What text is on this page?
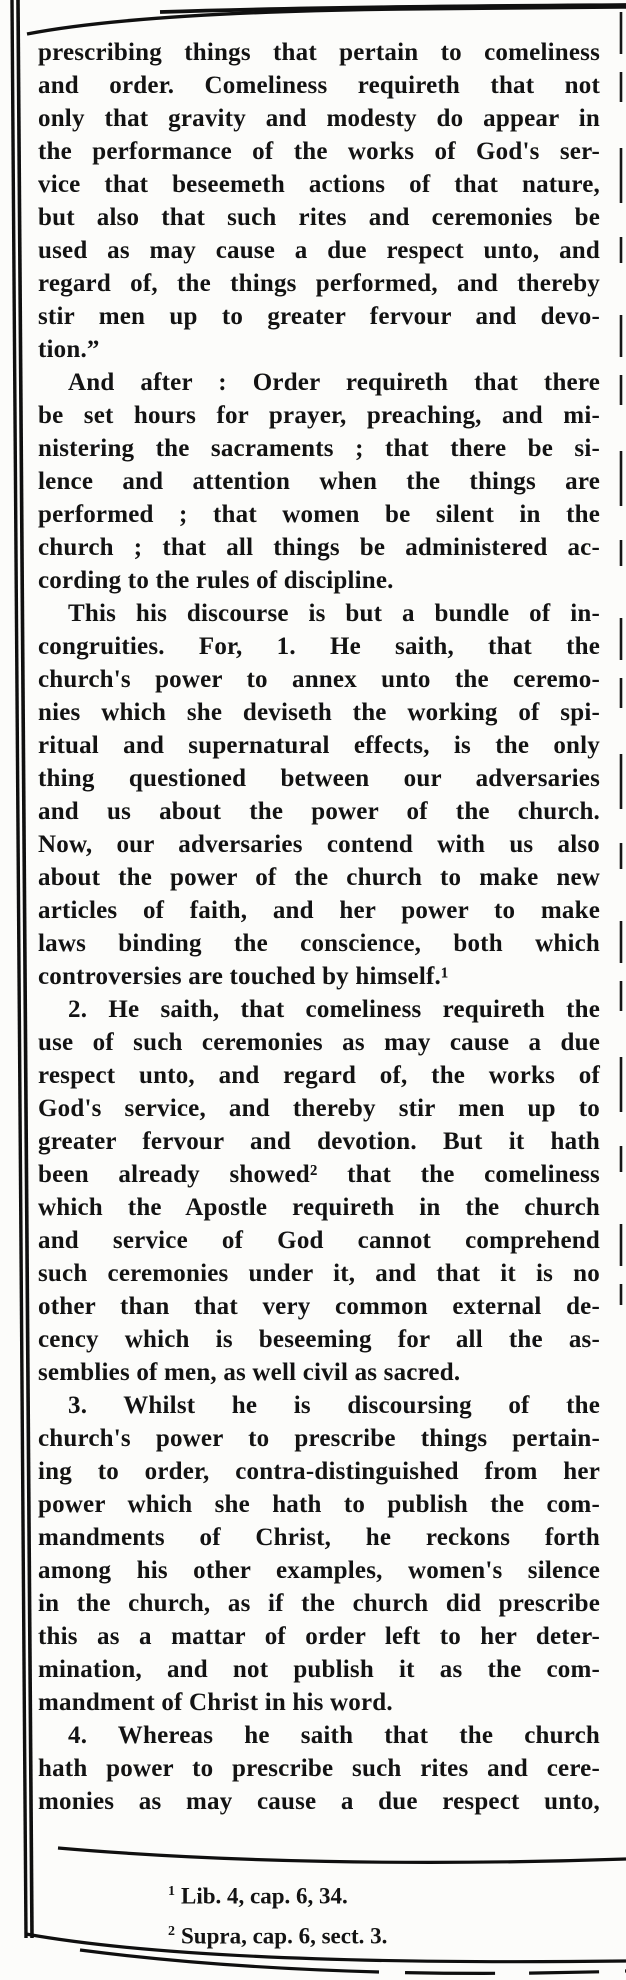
prescribing things that pertain to comeliness
and order. Comeliness requireth that not
only that gravity and modesty do appear in
the performance of the works of God's ser-
vice that beseemeth actions of that nature,
but also that such rites and ceremonies be
used as may cause a due respect unto, and
regard of, the things performed, and thereby
stir men up to greater fervour and devo-
tion.”
And after : Order requireth that there
be set hours for prayer, preaching, and mi-
nistering the sacraments ; that there be si-
lence and attention when the things are
performed ; that women be silent in the
church ; that all things be administered ac-
cording to the rules of discipline.
This his discourse is but a bundle of in-
congruities. For, 1. He saith, that the
church's power to annex unto the ceremo-
nies which she deviseth the working of spi-
ritual and supernatural effects, is the only
thing questioned between our adversaries
and us about the power of the church.
Now, our adversaries contend with us also
about the power of the church to make new
articles of faith, and her power to make
laws binding the conscience, both which
controversies are touched by himself.¹
2. He saith, that comeliness requireth the
use of such ceremonies as may cause a due
respect unto, and regard of, the works of
God's service, and thereby stir men up to
greater fervour and devotion. But it hath
been already showed² that the comeliness
which the Apostle requireth in the church
and service of God cannot comprehend
such ceremonies under it, and that it is no
other than that very common external de-
cency which is beseeming for all the as-
semblies of men, as well civil as sacred.
3. Whilst he is discoursing of the
church's power to prescribe things pertain-
ing to order, contra-distinguished from her
power which she hath to publish the com-
mandments of Christ, he reckons forth
among his other examples, women's silence
in the church, as if the church did prescribe
this as a mattar of order left to her deter-
mination, and not publish it as the com-
mandment of Christ in his word.
4. Whereas he saith that the church
hath power to prescribe such rites and cere-
monies as may cause a due respect unto,
$^1$ Lib. 4, cap. 6, 34.
$^2$ Supra, cap. 6, sect. 3.
